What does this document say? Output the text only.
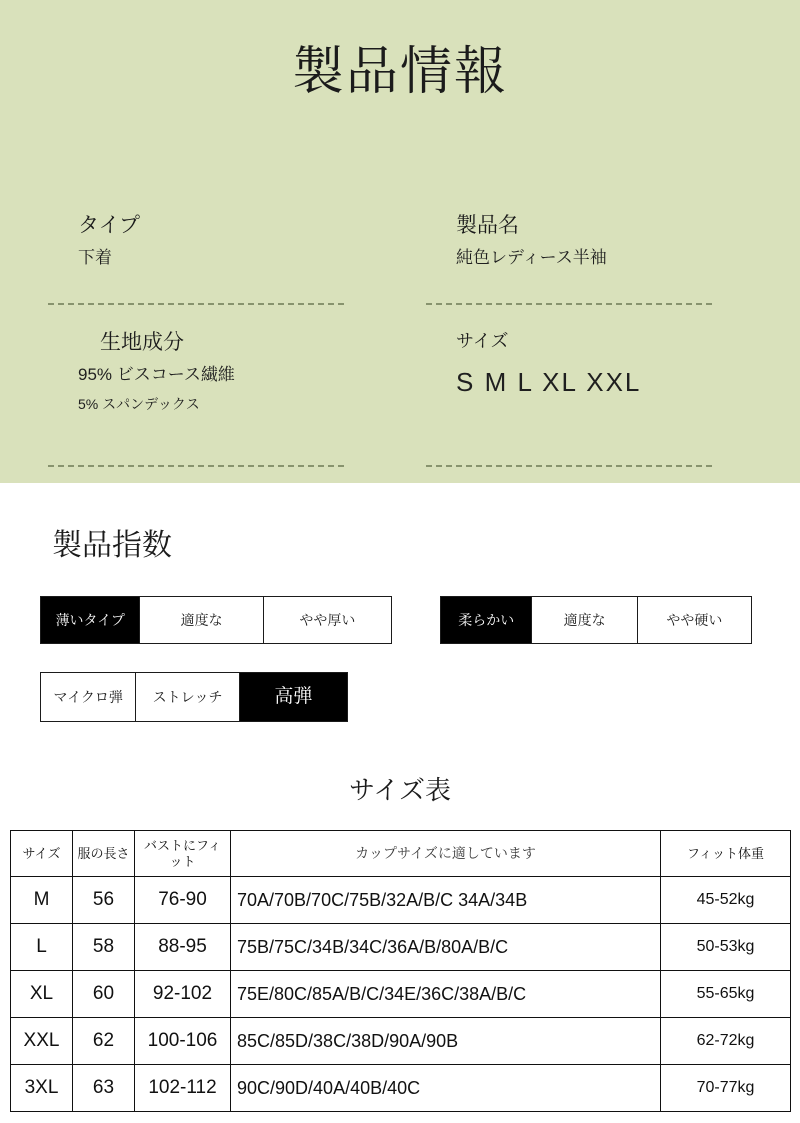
製品情報
タイプ
下着
生地成分
95% ビスコース繊維
5% スパンデックス
製品名
純色レディース半袖
サイズ
S M L XL XXL
製品指数
薄いタイプ	適度な	やや厚い	柔らかい	適度な	やや硬い
マイクロ弾	ストレッチ	高弾
サイズ表
サイズ	服の長さ	バストにフィット	カップサイズに適しています	フィット体重
M	56	76-90	70A/70B/70C/75B/32A/B/C 34A/34B	45-52kg
L	58	88-95	75B/75C/34B/34C/36A/B/80A/B/C	50-53kg
XL	60	92-102	75E/80C/85A/B/C/34E/36C/38A/B/C	55-65kg
XXL	62	100-106	85C/85D/38C/38D/90A/90B	62-72kg
3XL	63	102-112	90C/90D/40A/40B/40C	70-77kg
